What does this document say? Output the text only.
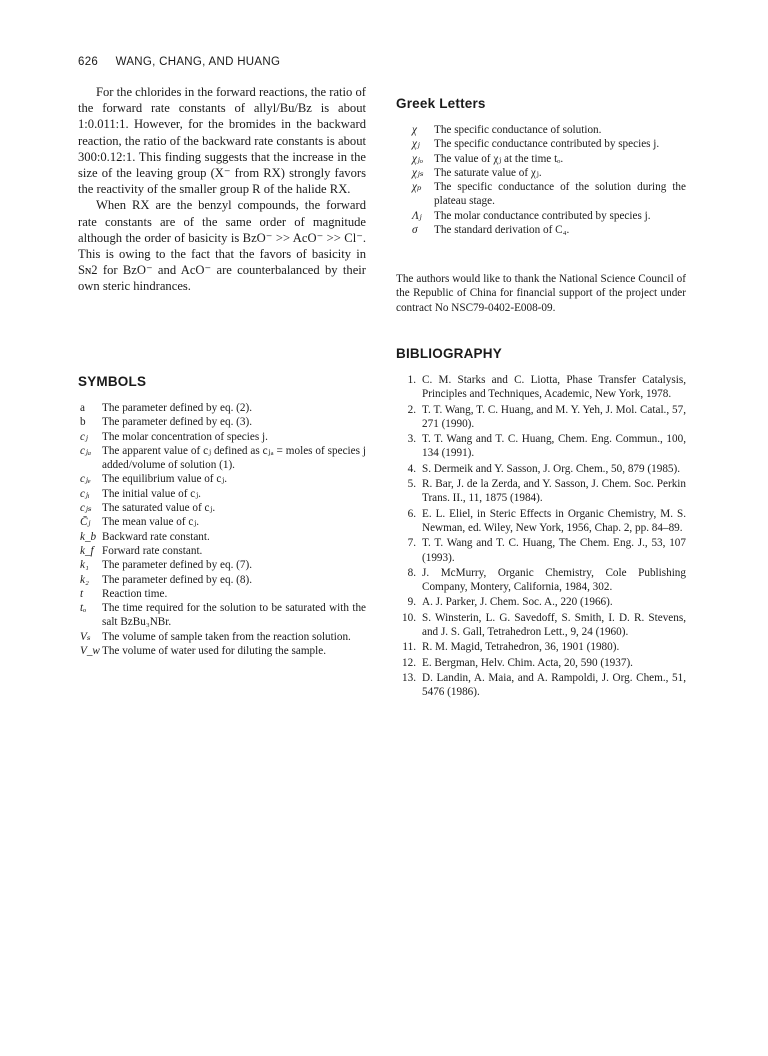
626 WANG, CHANG, AND HUANG

For the chlorides in the forward reactions, the ratio of the forward rate constants of allyl/Bu/Bz is about 1:0.011:1. However, for the bromides in the backward reaction, the ratio of the backward rate constants is about 300:0.12:1. This finding suggests that the increase in the size of the leaving group (X⁻ from RX) strongly favors the reactivity of the smaller group R of the halide RX.

When RX are the benzyl compounds, the forward rate constants are of the same order of magnitude although the order of basicity is BzO⁻ >> AcO⁻ >> Cl⁻. This is owing to the fact that the favors of basicity in Sɴ2 for BzO⁻ and AcO⁻ are counterbalanced by their own steric hindrances.

SYMBOLS
a	The parameter defined by eq. (2).
b	The parameter defined by eq. (3).
cⱼ	The molar concentration of species j.
cⱼₐ The apparent value of cⱼ defined as cⱼₐ = moles of species j added/volume of solution (1).
cⱼₑ The equilibrium value of cⱼ.
cⱼᵢ	The initial value of cⱼ.
cⱼₛ The saturated value of cⱼ.
C̄ⱼ	The mean value of cⱼ.
k_b Backward rate constant.
k_f Forward rate constant.
k₁	The parameter defined by eq. (7).
k₂	The parameter defined by eq. (8).
t	Reaction time.
tₒ	The time required for the solution to be saturated with the salt BzBu₃NBr.
Vₛ	The volume of sample taken from the reaction solution.
V_w The volume of water used for diluting the sample.
Greek Letters
χ	The specific conductance of solution.
χⱼ	The specific conductance contributed by species j.
χⱼₒ The value of χⱼ at the time tₒ.
χⱼₛ The saturate value of χⱼ.
χₚ	The specific conductance of the solution during the plateau stage.
Λⱼ	The molar conductance contributed by species j.
σ	The standard derivation of C₄.

The authors would like to thank the National Science Council of the Republic of China for financial support of the project under contract No NSC79-0402-E008-09.

BIBLIOGRAPHY
1. C. M. Starks and C. Liotta, Phase Transfer Catalysis, Principles and Techniques, Academic, New York, 1978.
2. T. T. Wang, T. C. Huang, and M. Y. Yeh, J. Mol. Catal., 57, 271 (1990).
3. T. T. Wang and T. C. Huang, Chem. Eng. Commun., 100, 134 (1991).
4. S. Dermeik and Y. Sasson, J. Org. Chem., 50, 879 (1985).
5. R. Bar, J. de la Zerda, and Y. Sasson, J. Chem. Soc. Perkin Trans. II., 11, 1875 (1984).
6. E. L. Eliel, in Steric Effects in Organic Chemistry, M. S. Newman, ed. Wiley, New York, 1956, Chap. 2, pp. 84–89.
7. T. T. Wang and T. C. Huang, The Chem. Eng. J., 53, 107 (1993).
8. J. McMurry, Organic Chemistry, Cole Publishing Company, Montery, California, 1984, 302.
9. A. J. Parker, J. Chem. Soc. A., 220 (1966).
10. S. Winsterin, L. G. Savedoff, S. Smith, I. D. R. Stevens, and J. S. Gall, Tetrahedron Lett., 9, 24 (1960).
11. R. M. Magid, Tetrahedron, 36, 1901 (1980).
12. E. Bergman, Helv. Chim. Acta, 20, 590 (1937).
13. D. Landin, A. Maia, and A. Rampoldi, J. Org. Chem., 51, 5476 (1986).
